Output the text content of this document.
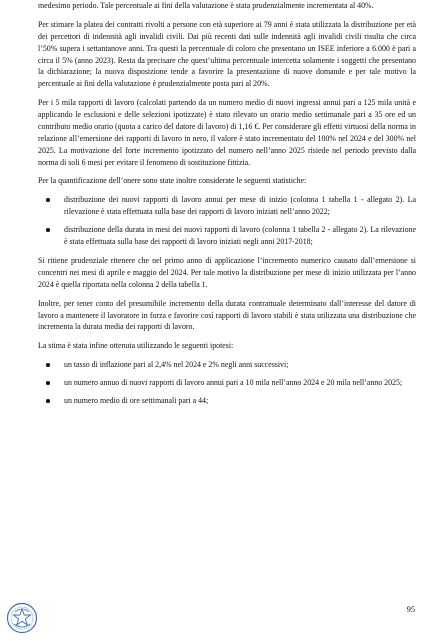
medesimo periodo. Tale percentuale ai fini della valutazione è stata prudenzialmente incrementata al 40%.

Per stimare la platea dei contratti rivolti a persone con età superiore ai 79 anni è stata utilizzata la distribuzione per età dei percettori di indennità agli invalidi civili. Dai più recenti dati sulle indennità agli invalidi civili risulta che circa l’50% supera i settantanove anni. Tra questi la percentuale di coloro che presentano un ISEE inferiore a 6.000 è pari a circa il 5% (anno 2023). Resta da precisare che quest’ultima percentuale intercetta solamente i soggetti che presentano la dichiarazione; la nuova disposizione tende a favorire la presentazione di nuove domande e per tale motivo la percentuale ai fini della valutazione è prudenzialmente posta pari al 20%.

Per i 5 mila rapporti di lavoro (calcolati partendo da un numero medio di nuovi ingressi annui pari a 125 mila unità e applicando le esclusioni e delle selezioni ipotizzate) è stato rilevato un orario medio settimanale pari a 35 ore ed un contributo medio orario (quota a carico del datore di lavoro) di 1,16 €. Per considerare gli effetti virtuosi della norma in relazione all’emersione dei rapporti di lavoro in nero, il valore è stato incrementato del 100% nel 2024 e del 300% nel 2025. La motivazione del forte incremento ipotizzato del numero nell’anno 2025 risiede nel periodo previsto dalla norma di soli 6 mesi per evitare il fenomeno di sostituzione fittizia.

Per la quantificazione dell’onere sono state inoltre considerate le seguenti statistiche:

distribuzione dei nuovi rapporti di lavoro annui per mese di inizio (colonna 1 tabella 1 - allegato 2). La rilevazione è stata effettuata sulla base dei rapporti di lavoro iniziati nell’anno 2022;
distribuzione della durata in mesi dei nuovi rapporti di lavoro (colonna 1 tabella 2 - allegato 2). La rilevazione è stata effettuata sulla base dei rapporti di lavoro iniziati negli anni 2017-2018;

Si ritiene prudenziale ritenere che nel primo anno di applicazione l’incremento numerico causato dall’emersione si concentri nei mesi di aprile e maggio del 2024. Per tale motivo la distribuzione per mese di inizio utilizzata per l’anno 2024 è quella riportata nella colonna 2 della tabella 1.

Inoltre, per tener conto del presumibile incremento della durata contrattuale determinato dall’interesse del datore di lavoro a mantenere il lavoratore in forza e favorire così rapporti di lavoro stabili è stata utilizzata una distribuzione che incrementa la durata media dei rapporti di lavoro.

La stima è stata infine ottenuta utilizzando le seguenti ipotesi:

un tasso di inflazione pari al 2,4% nel 2024 e 2% negli anni successivi;
un numero annuo di nuovi rapporti di lavoro annui pari a 10 mila nell’anno 2024 e 20 mila nell’anno 2025;
un numero medio di ore settimanali pari a 44;
95
